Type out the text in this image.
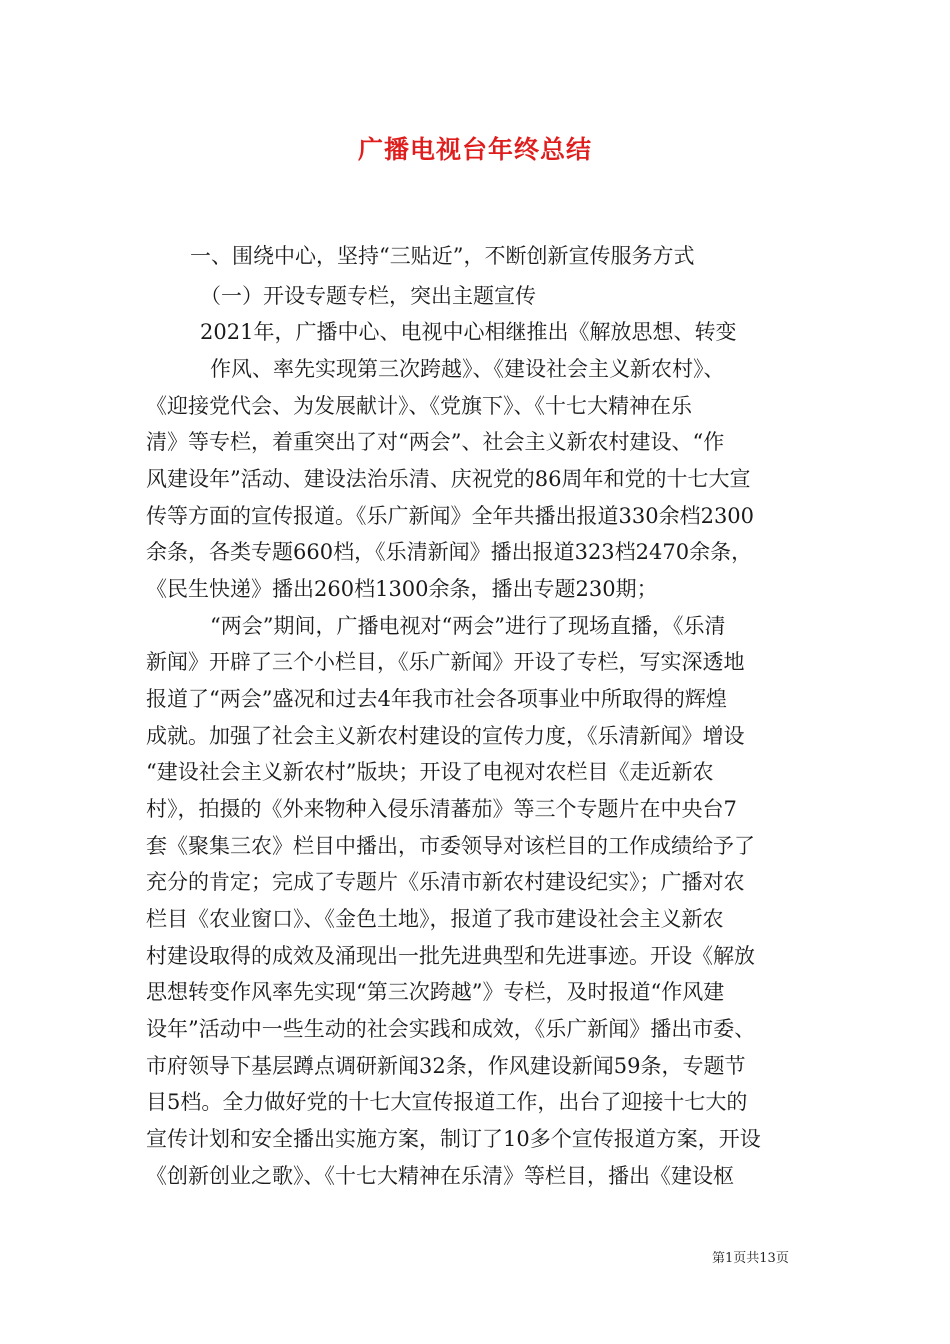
广播电视台年终总结
一、围绕中心，坚持“三贴近”，不断创新宣传服务方式
（一）开设专题专栏，突出主题宣传
2021年，广播中心、电视中心相继推出《解放思想、转变
作风、率先实现第三次跨越》、《建设社会主义新农村》、
《迎接党代会、为发展献计》、《党旗下》、《十七大精神在乐
清》等专栏，着重突出了对“两会”、社会主义新农村建设、“作
风建设年”活动、建设法治乐清、庆祝党的86周年和党的十七大宣
传等方面的宣传报道。《乐广新闻》全年共播出报道330余档2300
余条，各类专题660档，《乐清新闻》播出报道323档2470余条，
《民生快递》播出260档1300余条，播出专题230期；
“两会”期间，广播电视对“两会”进行了现场直播，《乐清
新闻》开辟了三个小栏目，《乐广新闻》开设了专栏，写实深透地
报道了“两会”盛况和过去4年我市社会各项事业中所取得的辉煌
成就。加强了社会主义新农村建设的宣传力度，《乐清新闻》增设
“建设社会主义新农村”版块；开设了电视对农栏目《走近新农
村》，拍摄的《外来物种入侵乐清蕃茄》等三个专题片在中央台7
套《聚集三农》栏目中播出，市委领导对该栏目的工作成绩给予了
充分的肯定；完成了专题片《乐清市新农村建设纪实》；广播对农
栏目《农业窗口》、《金色土地》，报道了我市建设社会主义新农
村建设取得的成效及涌现出一批先进典型和先进事迹。开设《解放
思想转变作风率先实现“第三次跨越”》专栏，及时报道“作风建
设年”活动中一些生动的社会实践和成效，《乐广新闻》播出市委、
市府领导下基层蹲点调研新闻32条，作风建设新闻59条，专题节
目5档。全力做好党的十七大宣传报道工作，出台了迎接十七大的
宣传计划和安全播出实施方案，制订了10多个宣传报道方案，开设
《创新创业之歌》、《十七大精神在乐清》等栏目，播出《建设枢
第1页共13页
